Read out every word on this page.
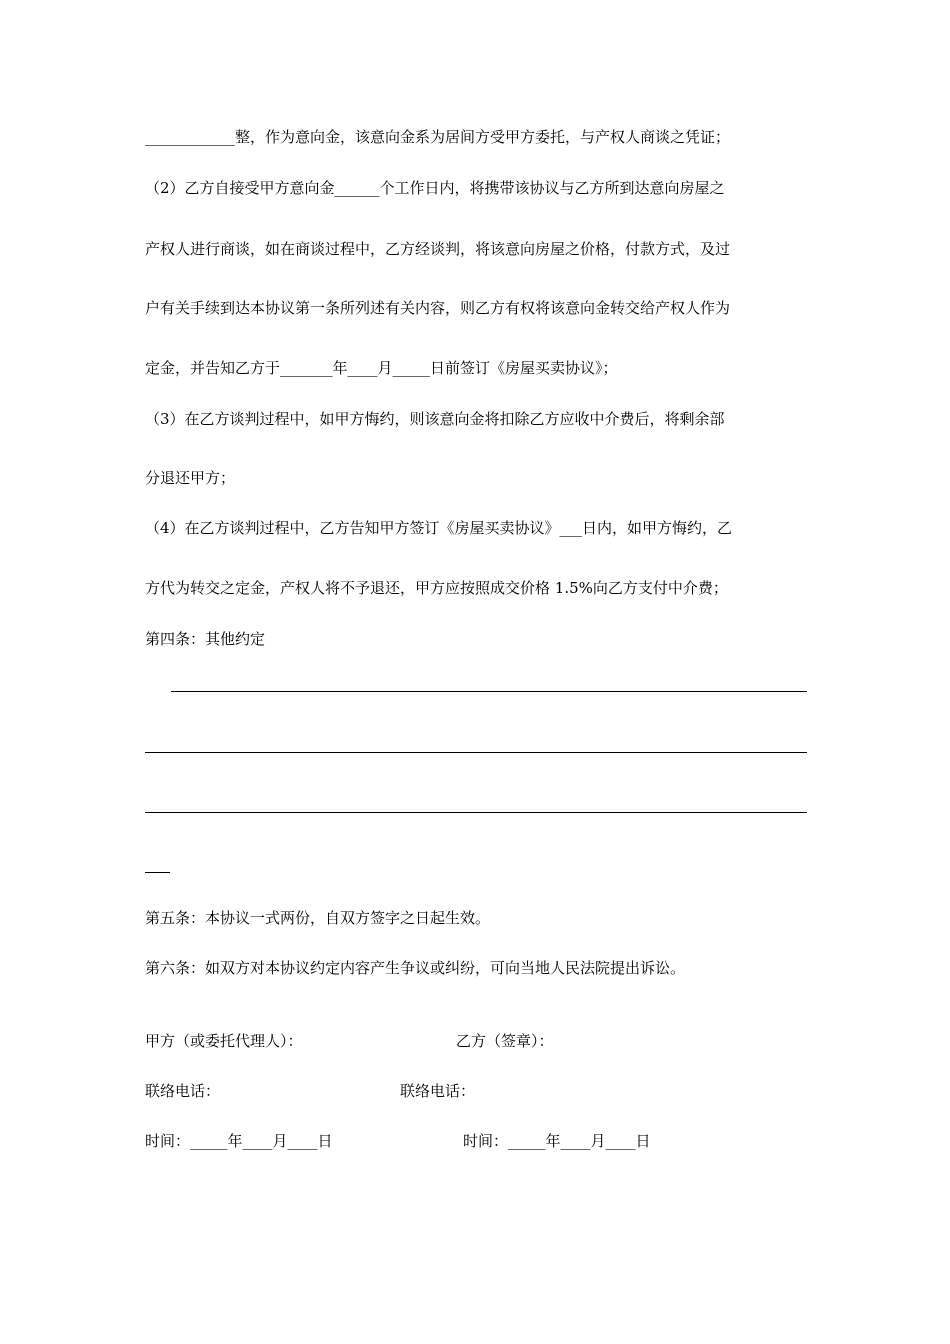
____________整，作为意向金，该意向金系为居间方受甲方委托，与产权人商谈之凭证；
（2）乙方自接受甲方意向金______个工作日内，将携带该协议与乙方所到达意向房屋之
产权人进行商谈，如在商谈过程中，乙方经谈判，将该意向房屋之价格，付款方式，及过
户有关手续到达本协议第一条所列述有关内容，则乙方有权将该意向金转交给产权人作为
定金，并告知乙方于_______年____月_____日前签订《房屋买卖协议》；
（3）在乙方谈判过程中，如甲方悔约，则该意向金将扣除乙方应收中介费后，将剩余部
分退还甲方；
（4）在乙方谈判过程中，乙方告知甲方签订《房屋买卖协议》___日内，如甲方悔约，乙
方代为转交之定金，产权人将不予退还，甲方应按照成交价格 1.5%向乙方支付中介费；
第四条：其他约定
第五条：本协议一式两份，自双方签字之日起生效。
第六条：如双方对本协议约定内容产生争议或纠纷，可向当地人民法院提出诉讼。
甲方（或委托代理人）：	乙方（签章）：
联络电话：	联络电话：
时间：_____年____月____日	时间：_____年____月____日
